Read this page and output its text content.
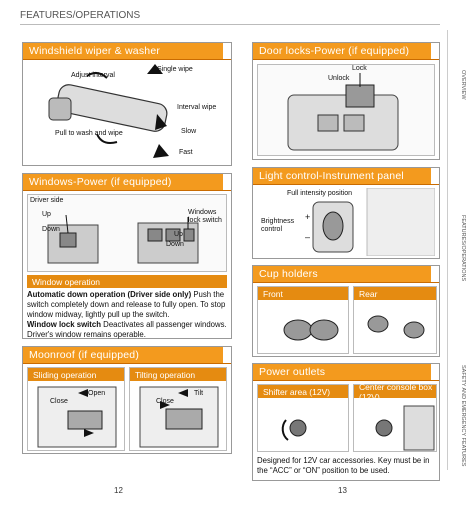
FEATURES/OPERATIONS
Windshield wiper & washer
Adjust interval
Single wipe
Interval wipe
Pull to wash and wipe	Slow
Fast
Windows-Power (if equipped)
Driver side
Up
Down
Windows lock switch
Up
Down
Window operation
Automatic down operation (Driver side only) Push the switch completely down and release to fully open. To stop window midway, lightly pull up the switch.
Window lock switch Deactivates all passenger windows. Driver's window remains operable.
Moonroof (if equipped)
Sliding operation
Open
Close
Tilting operation
Tilt
Close
12
Door locks-Power (if equipped)
Lock
Unlock
Light control-Instrument panel
Full intensity position
Brightness control
+
–
Cup holders
Front	Rear
Power outlets
Shifter area (12V)	Center console box (12V)
Designed for 12V car accessories. Key must be in the “ACC” or “ON” position to be used.
13
OVERVIEW
FEATURES/OPERATIONS
SAFETY AND EMERGENCY FEATURES
